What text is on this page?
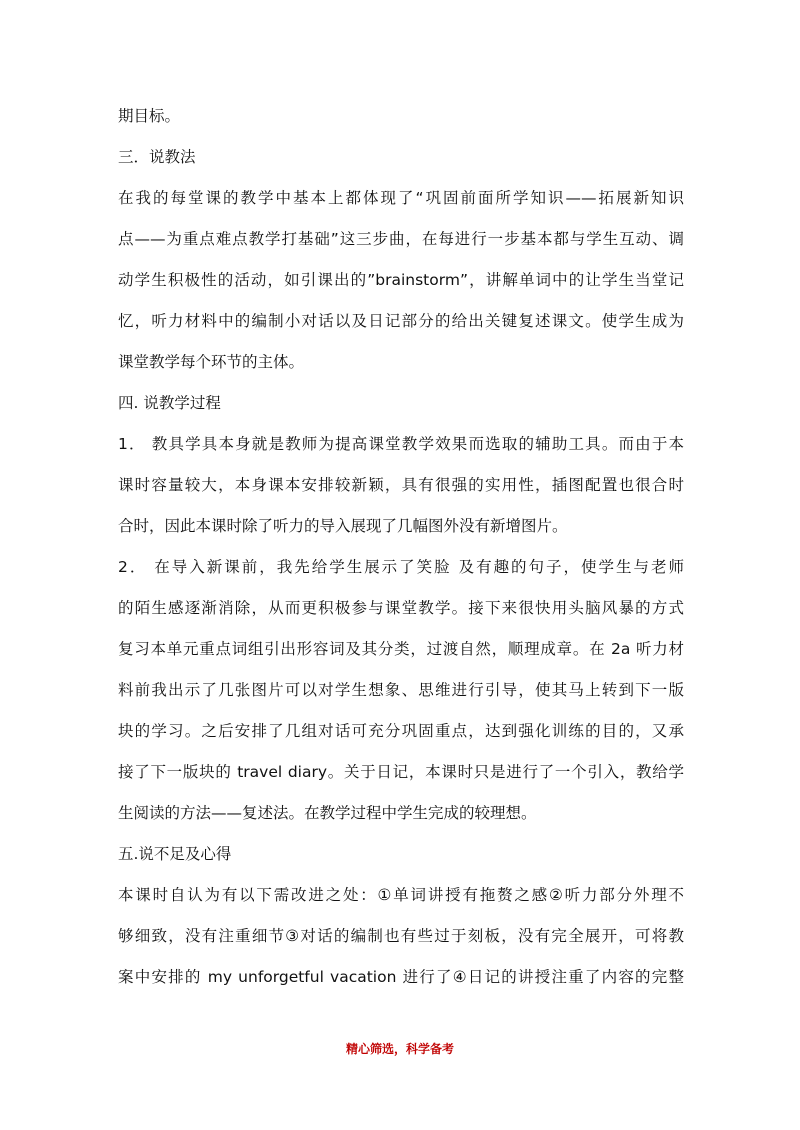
期目标。
三．说教法
在我的每堂课的教学中基本上都体现了“巩固前面所学知识——拓展新知识
点——为重点难点教学打基础”这三步曲，在每进行一步基本都与学生互动、调
动学生积极性的活动，如引课出的”brainstorm”，讲解单词中的让学生当堂记
忆，听力材料中的编制小对话以及日记部分的给出关键复述课文。使学生成为
课堂教学每个环节的主体。
四. 说教学过程
1． 教具学具本身就是教师为提高课堂教学效果而选取的辅助工具。而由于本
课时容量较大，本身课本安排较新颖，具有很强的实用性，插图配置也很合时
合时，因此本课时除了听力的导入展现了几幅图外没有新增图片。
2． 在导入新课前，我先给学生展示了笑脸 及有趣的句子，使学生与老师
的陌生感逐渐消除，从而更积极参与课堂教学。接下来很快用头脑风暴的方式
复习本单元重点词组引出形容词及其分类，过渡自然，顺理成章。在 2a 听力材
料前我出示了几张图片可以对学生想象、思维进行引导，使其马上转到下一版
块的学习。之后安排了几组对话可充分巩固重点，达到强化训练的目的，又承
接了下一版块的 travel diary。关于日记，本课时只是进行了一个引入，教给学
生阅读的方法——复述法。在教学过程中学生完成的较理想。
五.说不足及心得
本课时自认为有以下需改进之处：①单词讲授有拖赘之感②听力部分外理不
够细致，没有注重细节③对话的编制也有些过于刻板，没有完全展开，可将教
案中安排的 my unforgetful vacation 进行了④日记的讲授注重了内容的完整
精心筛选，科学备考
